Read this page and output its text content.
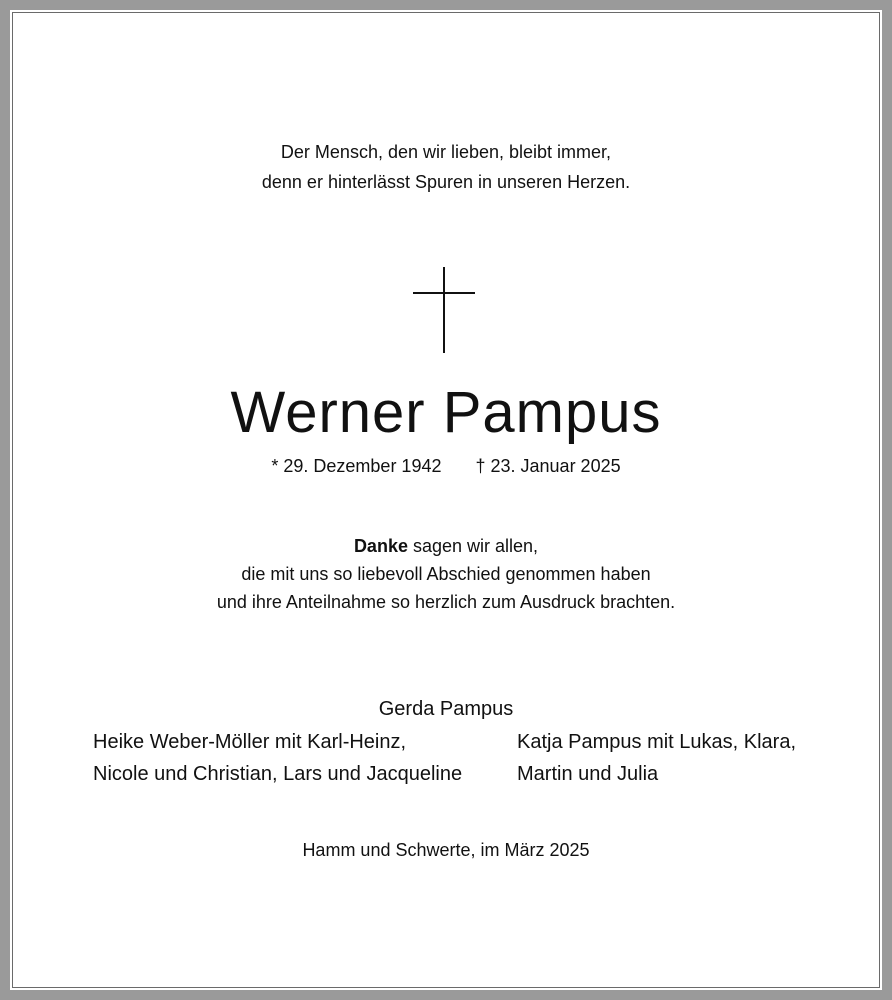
Der Mensch, den wir lieben, bleibt immer,
denn er hinterlässt Spuren in unseren Herzen.
Werner Pampus
* 29. Dezember 1942 † 23. Januar 2025
Danke sagen wir allen,
die mit uns so liebevoll Abschied genommen haben
und ihre Anteilnahme so herzlich zum Ausdruck brachten.
Gerda Pampus
Heike Weber-Möller mit Karl-Heinz,
Nicole und Christian, Lars und Jacqueline
Katja Pampus mit Lukas, Klara,
Martin und Julia
Hamm und Schwerte, im März 2025
